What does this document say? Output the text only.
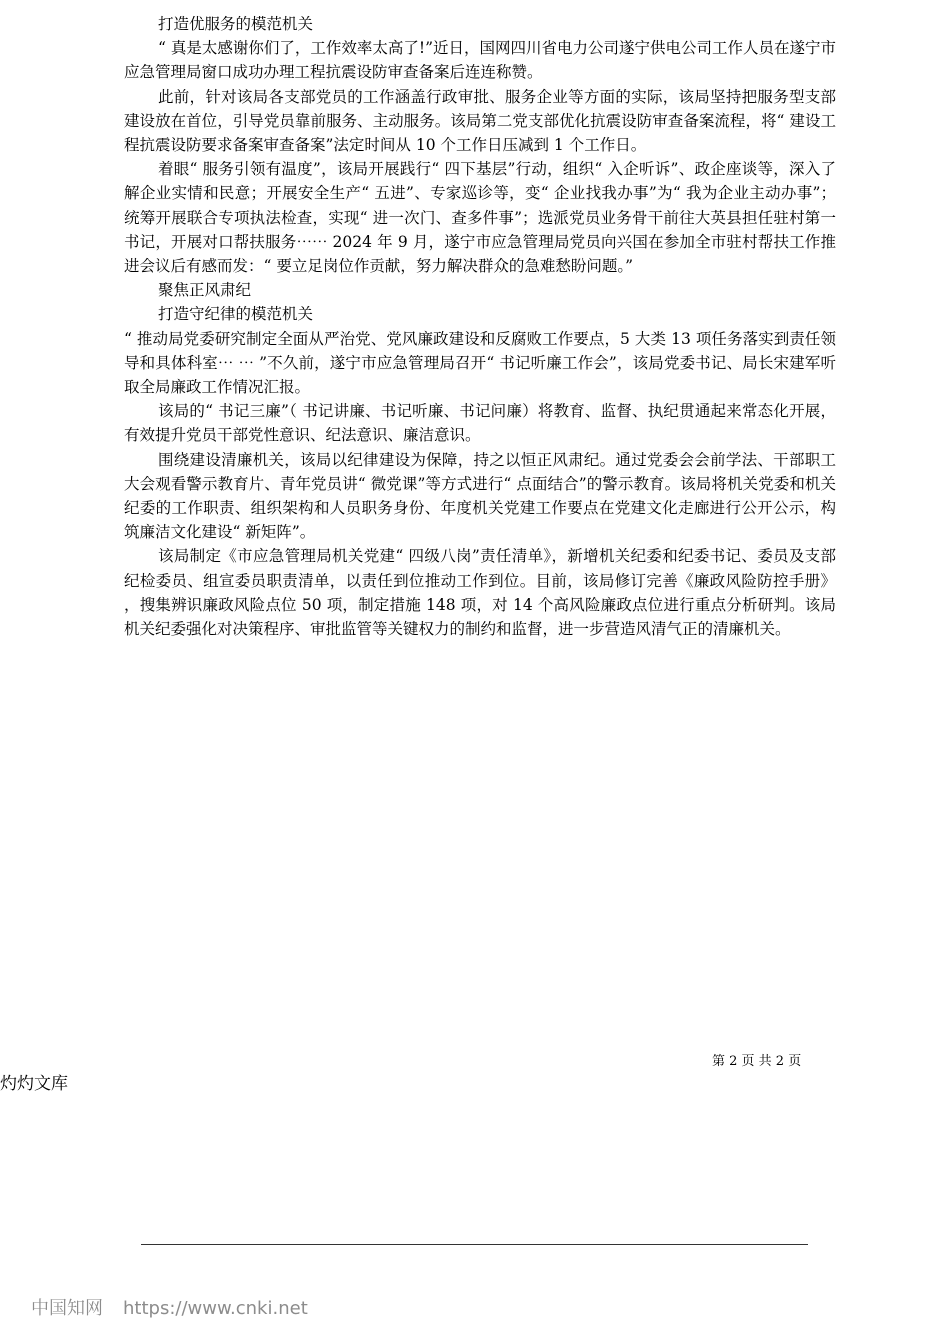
打造优服务的模范机关

“ 真是太感谢你们了，工作效率太高了!”近日，国网四川省电力公司遂宁供电公司工作人员在遂宁市应急管理局窗口成功办理工程抗震设防审查备案后连连称赞。

此前，针对该局各支部党员的工作涵盖行政审批、服务企业等方面的实际，该局坚持把服务型支部建设放在首位，引导党员靠前服务、主动服务。该局第二党支部优化抗震设防审查备案流程，将“ 建设工程抗震设防要求备案审查备案”法定时间从 10 个工作日压减到 1 个工作日。

着眼“ 服务引领有温度”，该局开展践行“ 四下基层”行动，组织“ 入企听诉”、政企座谈等，深入了解企业实情和民意；开展安全生产“ 五进”、专家巡诊等，变“ 企业找我办事”为“ 我为企业主动办事”；统筹开展联合专项执法检查，实现“ 进一次门、查多件事”；选派党员业务骨干前往大英县担任驻村第一书记，开展对口帮扶服务⋯⋯ 2024 年 9 月，遂宁市应急管理局党员向兴国在参加全市驻村帮扶工作推进会议后有感而发：“ 要立足岗位作贡献，努力解决群众的急难愁盼问题。”

聚焦正风肃纪

打造守纪律的模范机关

“ 推动局党委研究制定全面从严治党、党风廉政建设和反腐败工作要点，5 大类 13 项任务落实到责任领导和具体科室⋯ ⋯ ”不久前，遂宁市应急管理局召开“ 书记听廉工作会”，该局党委书记、局长宋建军听取全局廉政工作情况汇报。

该局的“ 书记三廉”（ 书记讲廉、书记听廉、书记问廉）将教育、监督、执纪贯通起来常态化开展，有效提升党员干部党性意识、纪法意识、廉洁意识。

围绕建设清廉机关，该局以纪律建设为保障，持之以恒正风肃纪。通过党委会会前学法、干部职工大会观看警示教育片、青年党员讲“ 微党课”等方式进行“ 点面结合”的警示教育。该局将机关党委和机关纪委的工作职责、组织架构和人员职务身份、年度机关党建工作要点在党建文化走廊进行公开公示，构筑廉洁文化建设“ 新矩阵”。

该局制定《市应急管理局机关党建“ 四级八岗”责任清单》，新增机关纪委和纪委书记、委员及支部纪检委员、组宣委员职责清单，以责任到位推动工作到位。目前，该局修订完善《廉政风险防控手册》 ，搜集辨识廉政风险点位 50 项，制定措施 148 项，对 14 个高风险廉政点位进行重点分析研判。该局机关纪委强化对决策程序、审批监管等关键权力的制约和监督，进一步营造风清气正的清廉机关。

第 2 页 共 2 页
灼灼文库
中国知网 https://www.cnki.net
